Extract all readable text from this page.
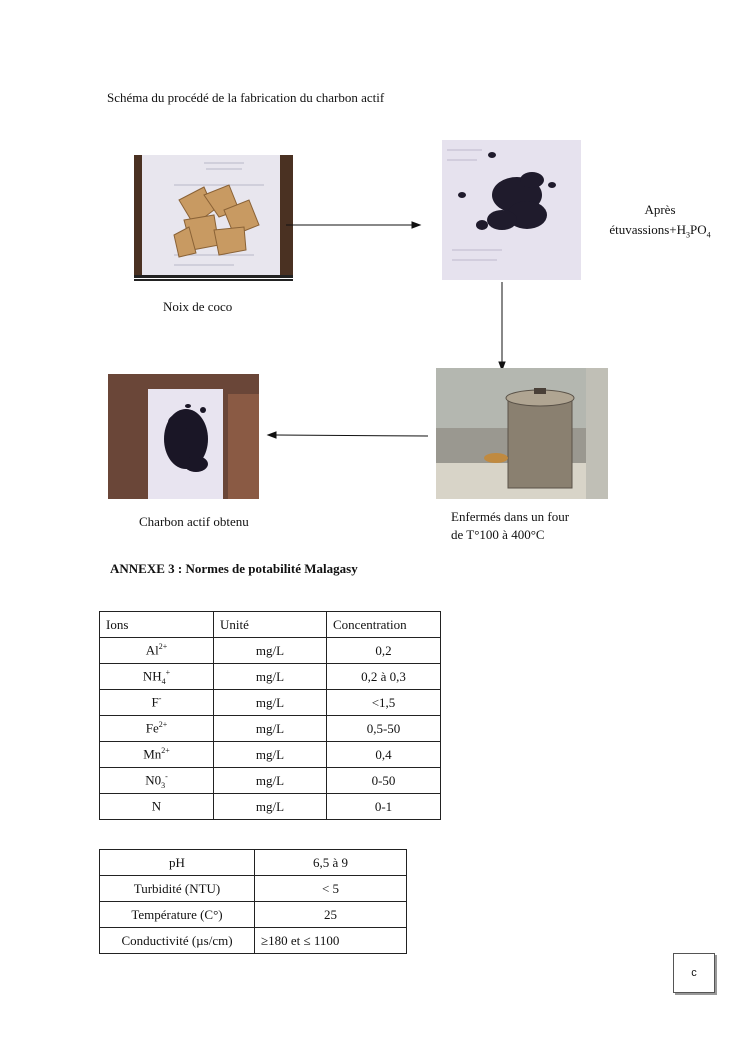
Schéma du procédé de la fabrication du charbon actif
Après
$étuvassions+H_3PO_4$
Noix de coco
Charbon actif obtenu	Enfermés dans un four
de T°100 à 400°C
ANNEXE 3 : Normes de potabilité Malagasy
Ions	Unité	Concentration
$Al^{2+}$	mg/L	0,2
$NH_4^+$	mg/L	0,2 à 0,3
F-	mg/L	<1,5
$Fe^{2+}$	mg/L	0,5-50
$Mn^{2+}$	mg/L	0,4
$N0_3^-$	mg/L	0-50
N	mg/L	0-1
pH	6,5 à 9
Turbidité (NTU)	< 5
Température (C°)	25
Conductivité (µs/cm)	≥180 et ≤ 1100
c
